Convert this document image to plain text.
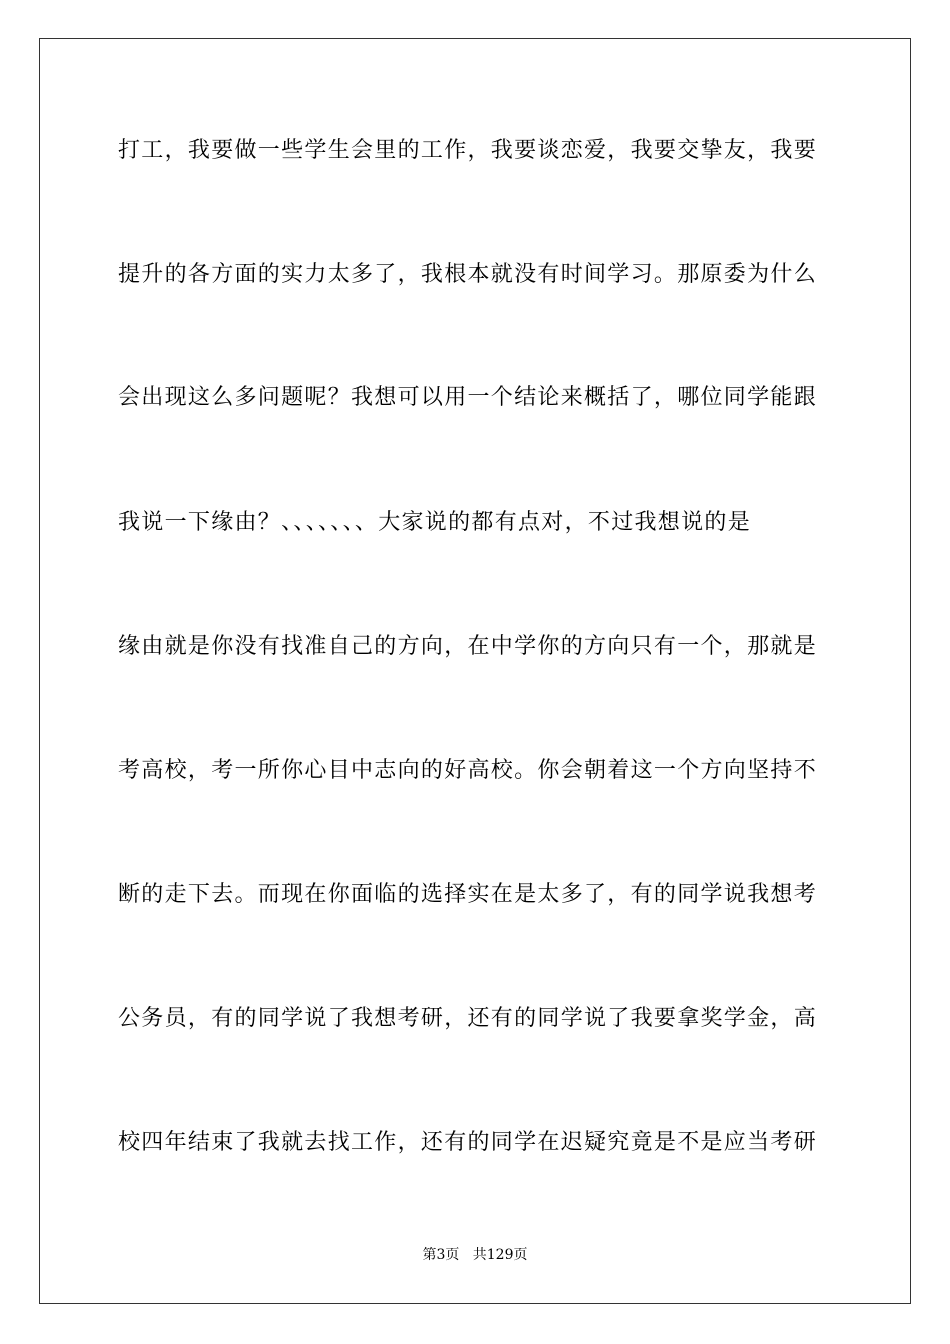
打工，我要做一些学生会里的工作，我要谈恋爱，我要交挚友，我要
提升的各方面的实力太多了，我根本就没有时间学习。那原委为什么
会出现这么多问题呢？我想可以用一个结论来概括了，哪位同学能跟
我说一下缘由？、、、、、、、大家说的都有点对，不过我想说的是
缘由就是你没有找准自己的方向，在中学你的方向只有一个，那就是
考高校，考一所你心目中志向的好高校。你会朝着这一个方向坚持不
断的走下去。而现在你面临的选择实在是太多了，有的同学说我想考
公务员，有的同学说了我想考研，还有的同学说了我要拿奖学金，高
校四年结束了我就去找工作，还有的同学在迟疑究竟是不是应当考研
第3页 共129页
